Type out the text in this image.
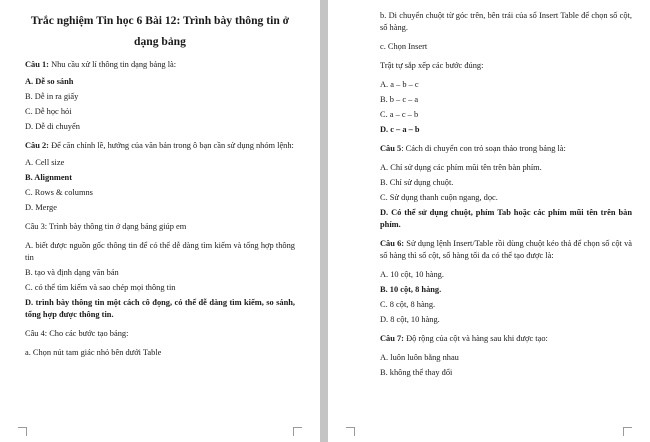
Trắc nghiệm Tin học 6 Bài 12: Trình bày thông tin ở dạng bảng
Câu 1: Nhu cầu xử lí thông tin dạng bảng là:
A. Dễ so sánh
B. Dễ in ra giấy
C. Dễ học hỏi
D. Dễ di chuyển
Câu 2: Để căn chỉnh lề, hướng của văn bản trong ô bạn cần sử dụng nhóm lệnh:
A. Cell size
B. Alignment
C. Rows & columns
D. Merge
Câu 3: Trình bày thông tin ở dạng bảng giúp em
A. biết được nguồn gốc thông tin để có thể dễ dàng tìm kiếm và tổng hợp thông tin
B. tạo và định dạng văn bản
C. có thể tìm kiếm và sao chép mọi thông tin
D. trình bày thông tin một cách cô đọng, có thể dễ dàng tìm kiếm, so sánh, tổng hợp được thông tin.
Câu 4: Cho các bước tạo bảng:
a. Chọn nút tam giác nhỏ bên dưới Table
b. Di chuyển chuột từ góc trên, bên trái của sổ Insert Table để chọn số cột, số hàng.
c. Chọn Insert
Trật tự sắp xếp các bước đúng:
A. a – b – c
B. b – c – a
C. a – c – b
D. c – a – b
Câu 5: Cách di chuyển con trỏ soạn thảo trong bảng là:
A. Chỉ sử dụng các phím mũi tên trên bàn phím.
B. Chỉ sử dụng chuột.
C. Sử dụng thanh cuộn ngang, dọc.
D. Có thể sử dụng chuột, phím Tab hoặc các phím mũi tên trên bàn phím.
Câu 6: Sử dụng lệnh Insert/Table rồi dùng chuột kéo thả để chọn số cột và số hàng thì số cột, số hàng tối đa có thể tạo được là:
A. 10 cột, 10 hàng.
B. 10 cột, 8 hàng.
C. 8 cột, 8 hàng.
D. 8 cột, 10 hàng.
Câu 7: Độ rộng của cột và hàng sau khi được tạo:
A. luôn luôn bằng nhau
B. không thể thay đổi
